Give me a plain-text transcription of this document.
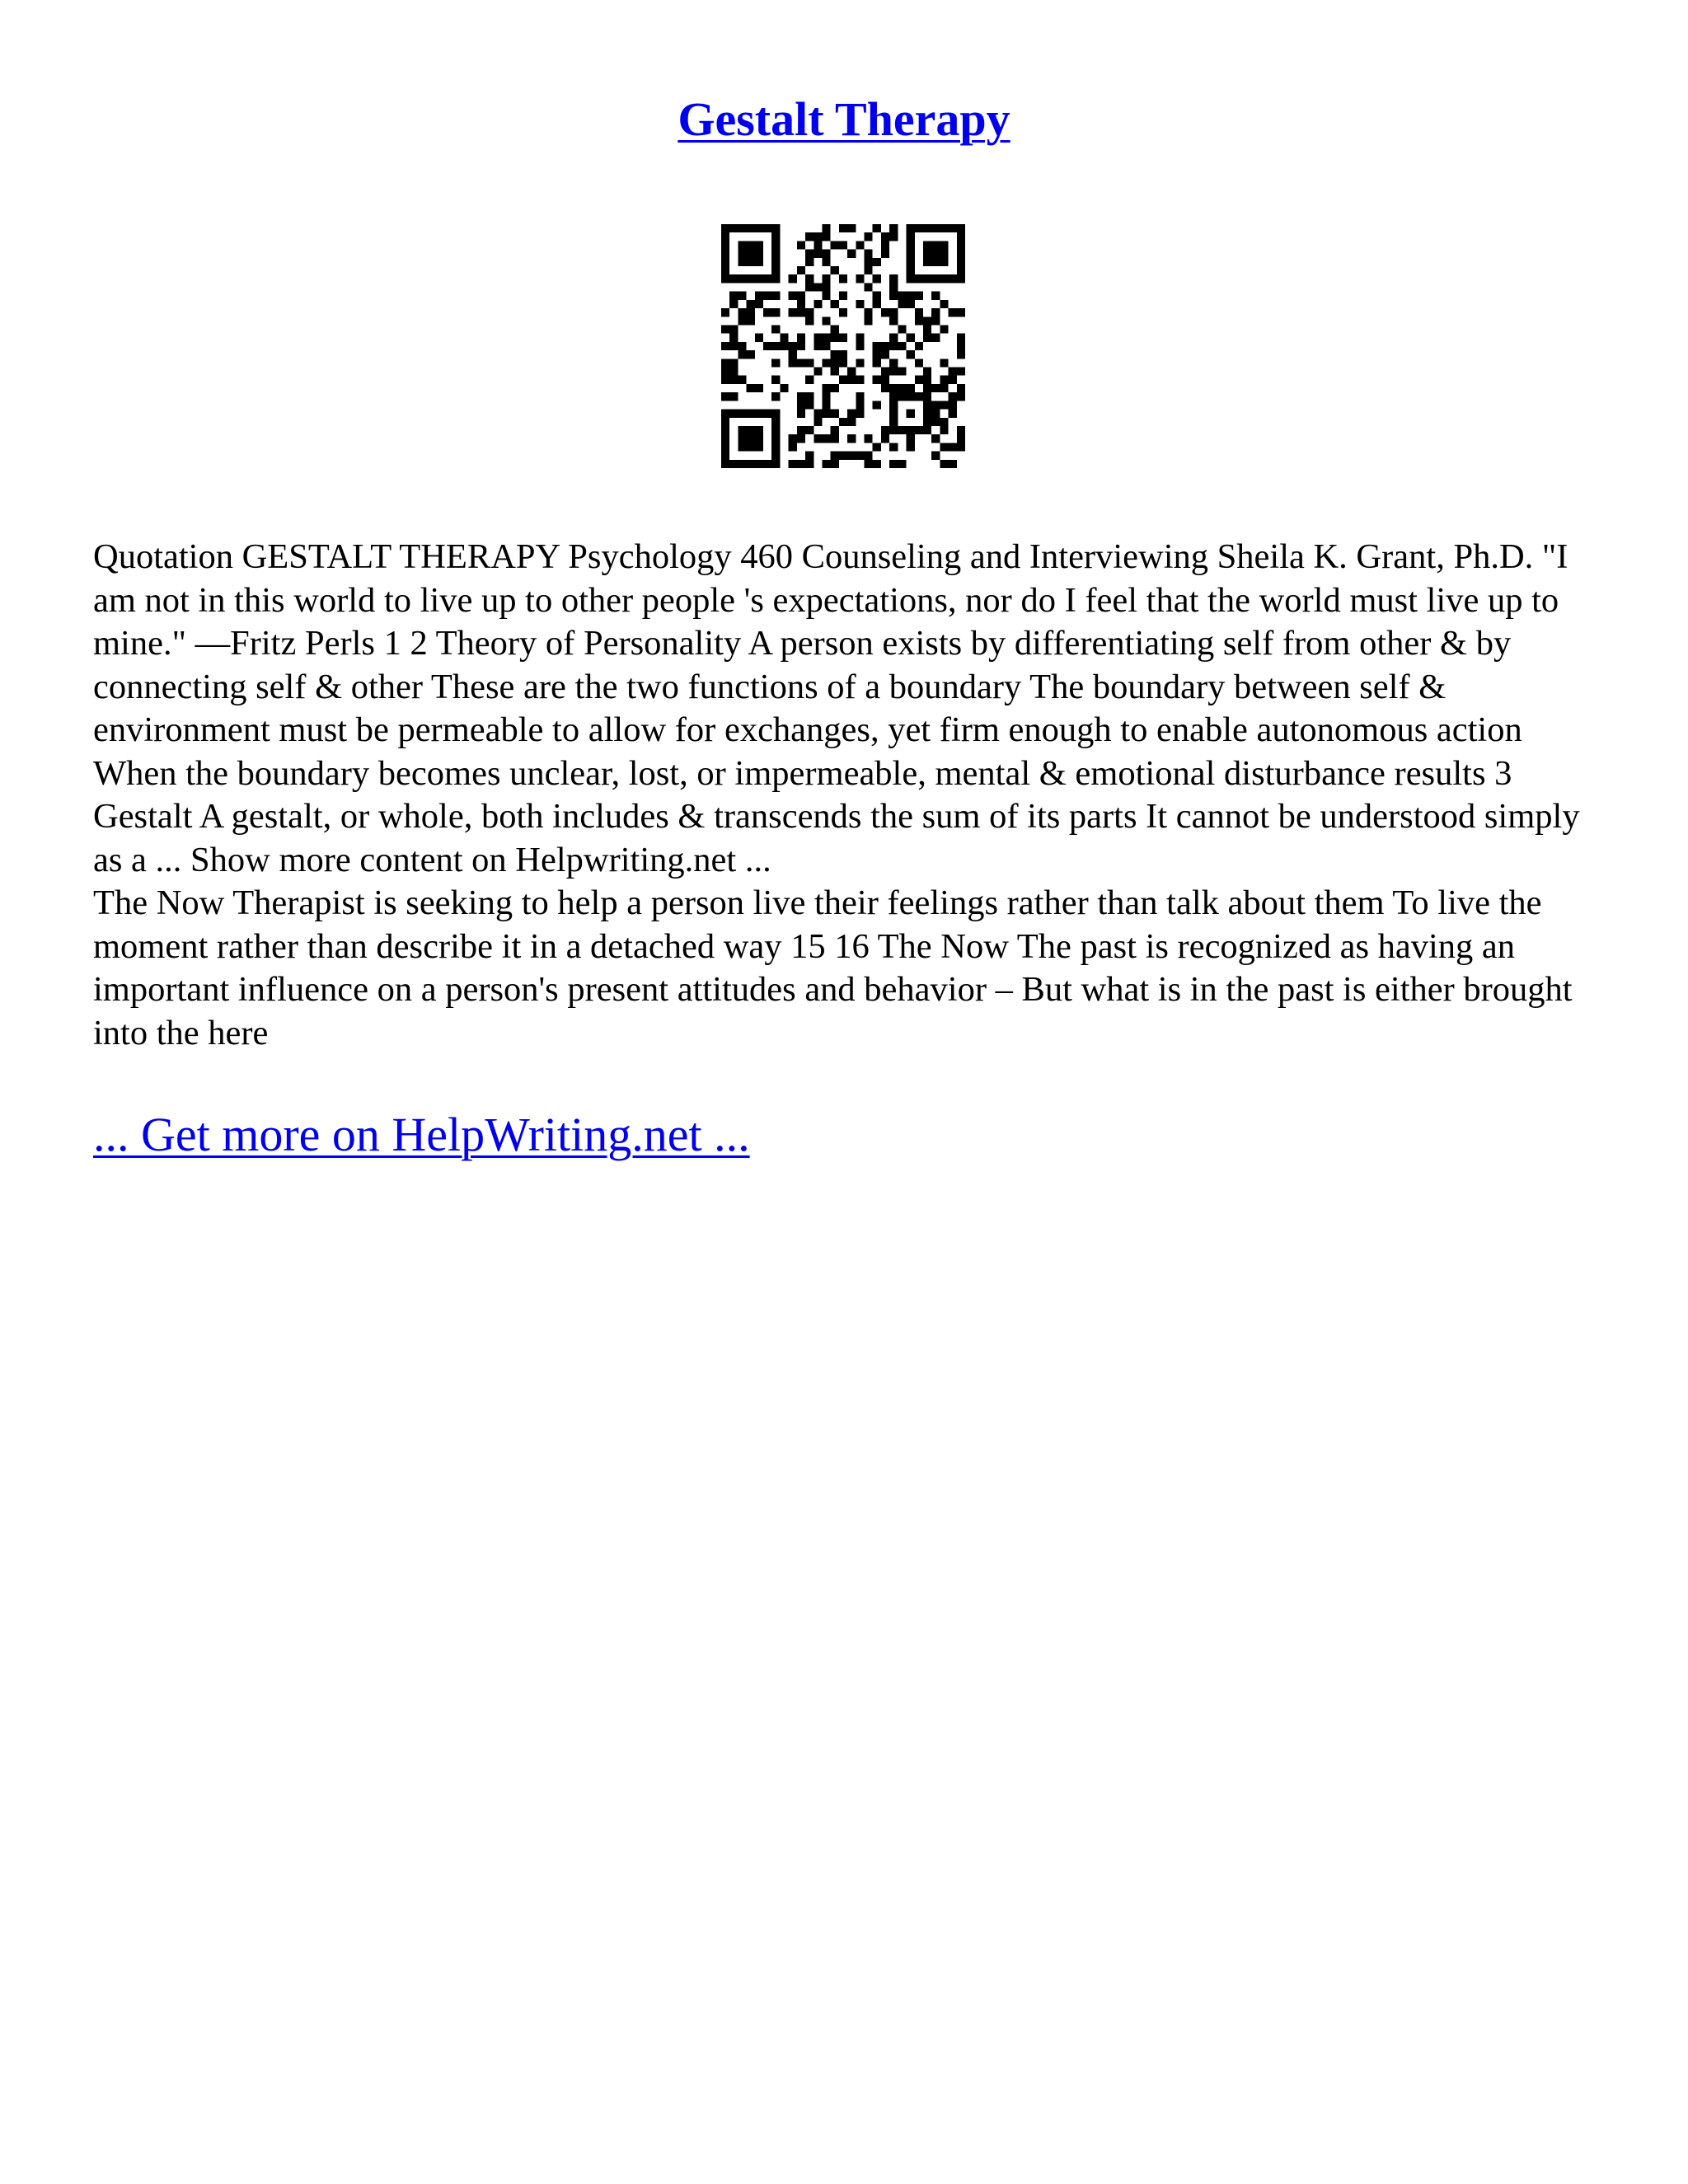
Gestalt Therapy

Quotation GESTALT THERAPY Psychology 460 Counseling and Interviewing Sheila K. Grant, Ph.D. "I am not in this world to live up to other people 's expectations, nor do I feel that the world must live up to mine." —Fritz Perls 1 2 Theory of Personality A person exists by differentiating self from other & by connecting self & other These are the two functions of a boundary The boundary between self & environment must be permeable to allow for exchanges, yet firm enough to enable autonomous action When the boundary becomes unclear, lost, or impermeable, mental & emotional disturbance results 3 Gestalt A gestalt, or whole, both includes & transcends the sum of its parts It cannot be understood simply as a ... Show more content on Helpwriting.net ...

The Now Therapist is seeking to help a person live their feelings rather than talk about them To live the moment rather than describe it in a detached way 15 16 The Now The past is recognized as having an important influence on a person's present attitudes and behavior – But what is in the past is either brought into the here

... Get more on HelpWriting.net ...
